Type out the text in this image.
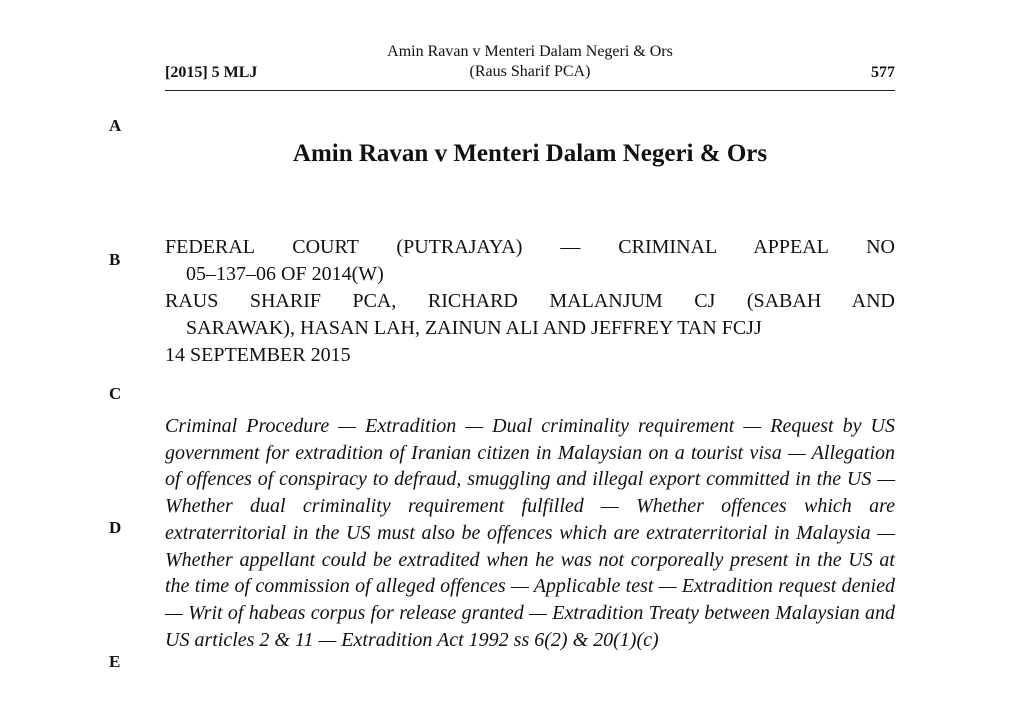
[2015] 5 MLJ
Amin Ravan v Menteri Dalam Negeri & Ors
(Raus Sharif PCA)	577
A
B
C
D
E
Amin Ravan v Menteri Dalam Negeri & Ors
FEDERAL COURT (PUTRAJAYA) — CRIMINAL APPEAL NO
05–137–06 OF 2014(W)
RAUS SHARIF PCA, RICHARD MALANJUM CJ (SABAH AND
SARAWAK), HASAN LAH, ZAINUN ALI AND JEFFREY TAN FCJJ
14 SEPTEMBER 2015
Criminal Procedure — Extradition — Dual criminality requirement — Request by US government for extradition of Iranian citizen in Malaysian on a tourist visa — Allegation of offences of conspiracy to defraud, smuggling and illegal export committed in the US — Whether dual criminality requirement fulfilled — Whether offences which are extraterritorial in the US must also be offences which are extraterritorial in Malaysia — Whether appellant could be extradited when he was not corporeally present in the US at the time of commission of alleged offences — Applicable test — Extradition request denied — Writ of habeas corpus for release granted — Extradition Treaty between Malaysian and US articles 2 & 11 — Extradition Act 1992 ss 6(2) & 20(1)(c)
